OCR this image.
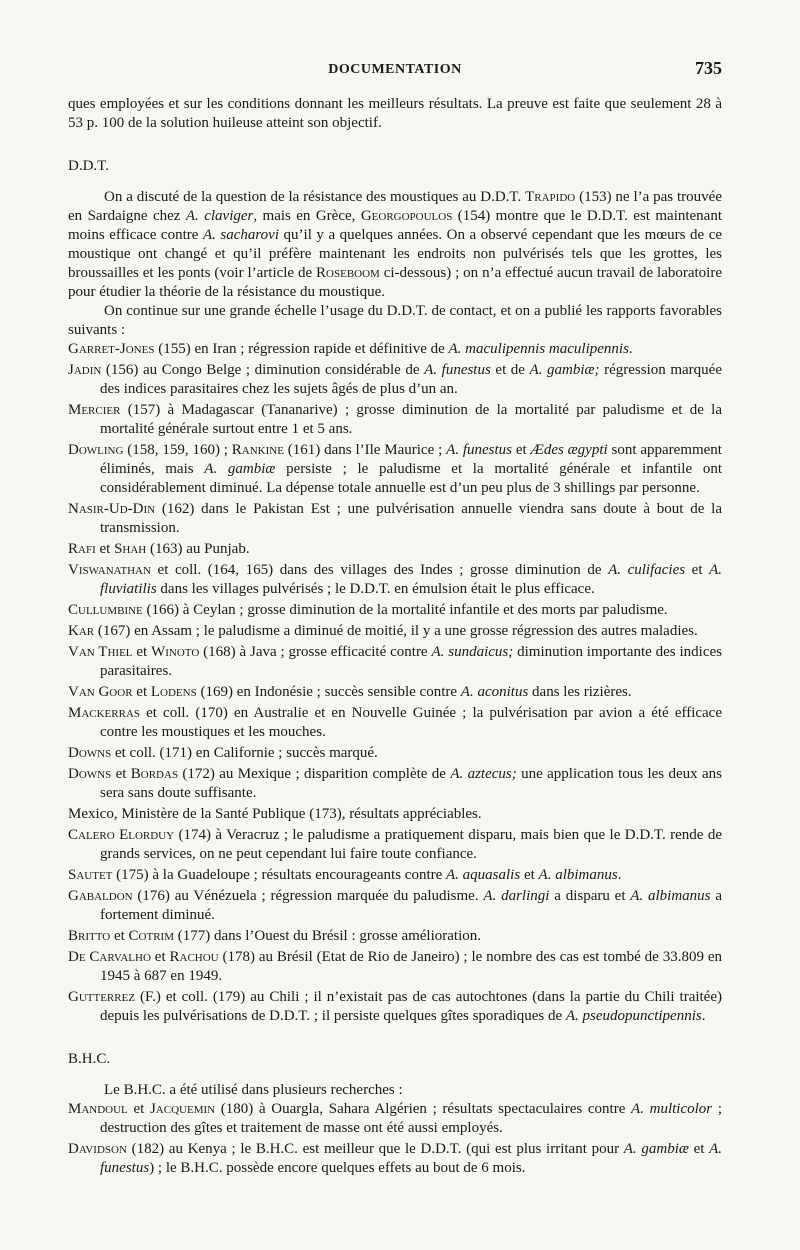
DOCUMENTATION	735

ques employées et sur les conditions donnant les meilleurs résultats. La preuve est faite que seulement 28 à 53 p. 100 de la solution huileuse atteint son objectif.

D.D.T.

On a discuté de la question de la résistance des moustiques au D.D.T. Trapido (153) ne l’a pas trouvée en Sardaigne chez A. claviger, mais en Grèce, Georgopoulos (154) montre que le D.D.T. est maintenant moins efficace contre A. sacharovi qu’il y a quelques années. On a observé cependant que les mœurs de ce moustique ont changé et qu’il préfère maintenant les endroits non pulvérisés tels que les grottes, les broussailles et les ponts (voir l’article de Roseboom ci-dessous) ; on n’a effectué aucun travail de laboratoire pour étudier la théorie de la résistance du moustique.

On continue sur une grande échelle l’usage du D.D.T. de contact, et on a publié les rapports favorables suivants :

Garret-Jones (155) en Iran ; régression rapide et définitive de A. maculipennis maculipennis.

Jadin (156) au Congo Belge ; diminution considérable de A. funestus et de A. gambiæ; régression marquée des indices parasitaires chez les sujets âgés de plus d’un an.

Mercier (157) à Madagascar (Tananarive) ; grosse diminution de la mortalité par paludisme et de la mortalité générale surtout entre 1 et 5 ans.

Dowling (158, 159, 160) ; Rankine (161) dans l’Ile Maurice ; A. funestus et Ædes ægypti sont apparemment éliminés, mais A. gambiæ persiste ; le paludisme et la mortalité générale et infantile ont considérablement diminué. La dépense totale annuelle est d’un peu plus de 3 shillings par personne.

Nasir-Ud-Din (162) dans le Pakistan Est ; une pulvérisation annuelle viendra sans doute à bout de la transmission.

Rafi et Shah (163) au Punjab.

Viswanathan et coll. (164, 165) dans des villages des Indes ; grosse diminution de A. culifacies et A. fluviatilis dans les villages pulvérisés ; le D.D.T. en émulsion était le plus efficace.

Cullumbine (166) à Ceylan ; grosse diminution de la mortalité infantile et des morts par paludisme.

Kar (167) en Assam ; le paludisme a diminué de moitié, il y a une grosse régression des autres maladies.

Van Thiel et Winoto (168) à Java ; grosse efficacité contre A. sundaicus; diminution importante des indices parasitaires.

Van Goor et Lodens (169) en Indonésie ; succès sensible contre A. aconitus dans les rizières.

Mackerras et coll. (170) en Australie et en Nouvelle Guinée ; la pulvérisation par avion a été efficace contre les moustiques et les mouches.

Downs et coll. (171) en Californie ; succès marqué.

Downs et Bordas (172) au Mexique ; disparition complète de A. aztecus; une application tous les deux ans sera sans doute suffisante.

Mexico, Ministère de la Santé Publique (173), résultats appréciables.

Calero Elorduy (174) à Veracruz ; le paludisme a pratiquement disparu, mais bien que le D.D.T. rende de grands services, on ne peut cependant lui faire toute confiance.

Sautet (175) à la Guadeloupe ; résultats encourageants contre A. aquasalis et A. albimanus.

Gabaldon (176) au Vénézuela ; régression marquée du paludisme. A. darlingi a disparu et A. albimanus a fortement diminué.

Britto et Cotrim (177) dans l’Ouest du Brésil : grosse amélioration.

De Carvalho et Rachou (178) au Brésil (Etat de Rio de Janeiro) ; le nombre des cas est tombé de 33.809 en 1945 à 687 en 1949.

Gutterrez (F.) et coll. (179) au Chili ; il n’existait pas de cas autochtones (dans la partie du Chili traitée) depuis les pulvérisations de D.D.T. ; il persiste quelques gîtes sporadiques de A. pseudopunctipennis.

B.H.C.

Le B.H.C. a été utilisé dans plusieurs recherches :

Mandoul et Jacquemin (180) à Ouargla, Sahara Algérien ; résultats spectaculaires contre A. multicolor ; destruction des gîtes et traitement de masse ont été aussi employés.

Davidson (182) au Kenya ; le B.H.C. est meilleur que le D.D.T. (qui est plus irritant pour A. gambiæ et A. funestus) ; le B.H.C. possède encore quelques effets au bout de 6 mois.
